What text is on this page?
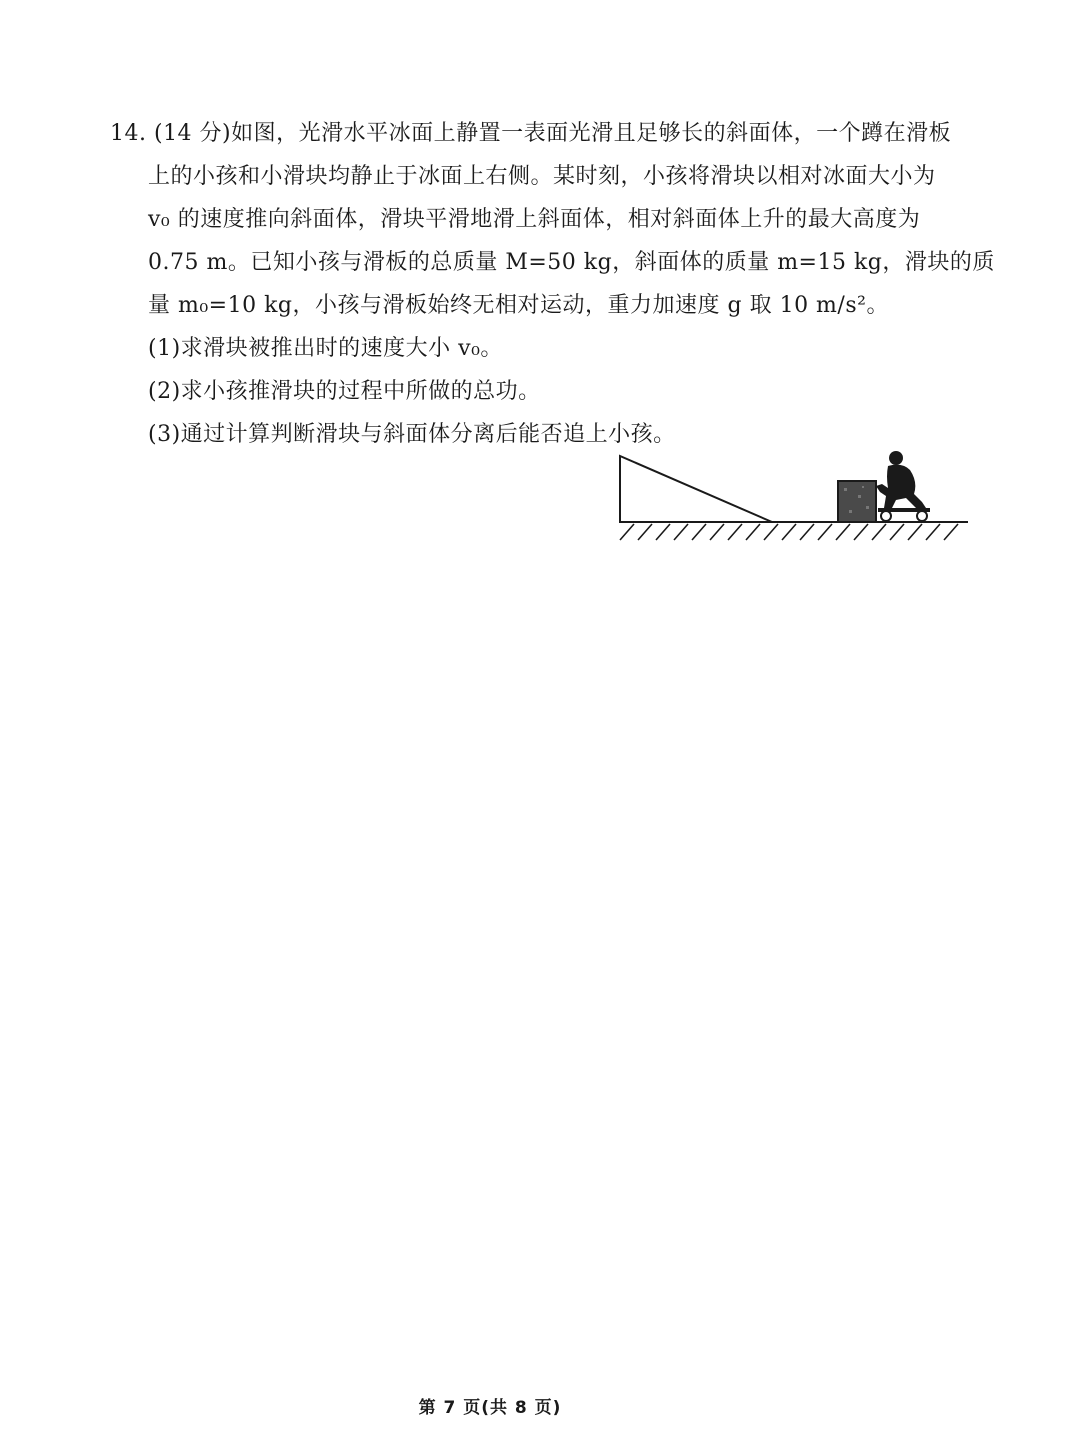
14. (14 分)如图，光滑水平冰面上静置一表面光滑且足够长的斜面体，一个蹲在滑板
上的小孩和小滑块均静止于冰面上右侧。某时刻，小孩将滑块以相对冰面大小为
v₀ 的速度推向斜面体，滑块平滑地滑上斜面体，相对斜面体上升的最大高度为
0.75 m。已知小孩与滑板的总质量 M=50 kg，斜面体的质量 m=15 kg，滑块的质
量 m₀=10 kg，小孩与滑板始终无相对运动，重力加速度 g 取 10 m/s²。
(1)求滑块被推出时的速度大小 v₀。
(2)求小孩推滑块的过程中所做的总功。
(3)通过计算判断滑块与斜面体分离后能否追上小孩。
第 7 页(共 8 页)
